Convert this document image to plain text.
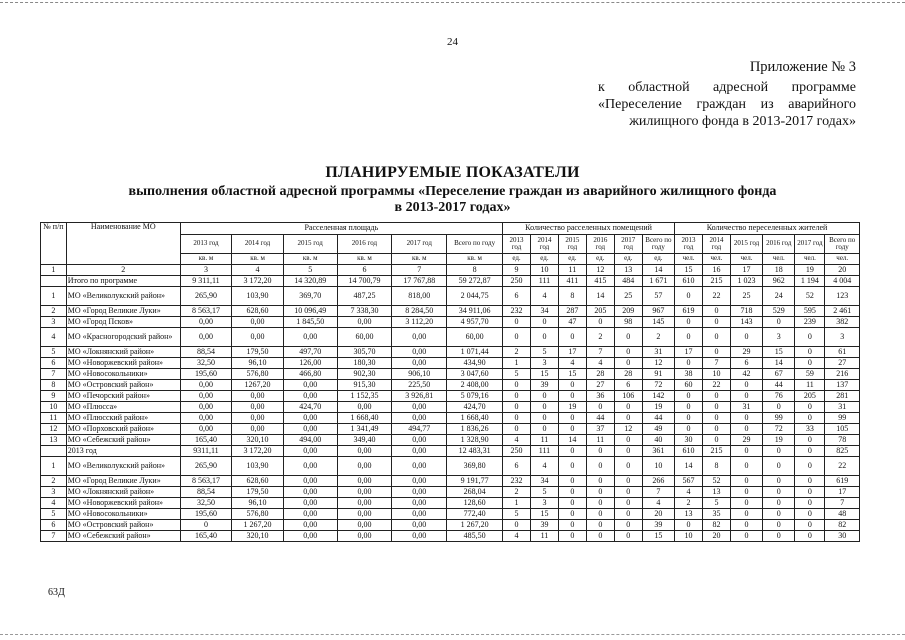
24
Приложение № 3
к областной адресной программе
«Переселение граждан из аварийного
жилищного фонда в 2013-2017 годах»
ПЛАНИРУЕМЫЕ ПОКАЗАТЕЛИ
выполнения областной адресной программы «Переселение граждан из аварийного жилищного фонда
в 2013-2017 годах»
№ п/п	Наименование МО	Расселенная площадь						Количество расселенных помещений						Количество переселенных жителей					
		2013 год	2014 год	2015 год	2016 год	2017 год	Всего по году	2013 год	2014 год	2015 год	2016 год	2017 год	Всего по году	2013 год	2014 год	2015 год	2016 год	2017 год	Всего по году
		кв. м	кв. м	кв. м	кв. м	кв. м	кв. м	ед.	ед.	ед.	ед.	ед.	ед.	чел.	чел.	чел.	чел.	чел.	чел.
1	2	3	4	5	6	7	8	9	10	11	12	13	14	15	16	17	18	19	20
	Итого по программе	9 311,11	3 172,20	14 320,89	14 700,79	17 767,88	59 272,87	250	111	411	415	484	1 671	610	215	1 023	962	1 194	4 004
1	МО «Великолукский район»	265,90	103,90	369,70	487,25	818,00	2 044,75	6	4	8	14	25	57	0	22	25	24	52	123
2	МО «Город Великие Луки»	8 563,17	628,60	10 096,49	7 338,30	8 284,50	34 911,06	232	34	287	205	209	967	619	0	718	529	595	2 461
3	МО «Город Псков»	0,00	0,00	1 845,50	0,00	3 112,20	4 957,70	0	0	47	0	98	145	0	0	143	0	239	382
4	МО «Красногородский район»	0,00	0,00	0,00	60,00	0,00	60,00	0	0	0	2	0	2	0	0	0	3	0	3
5	МО «Локнянский район»	88,54	179,50	497,70	305,70	0,00	1 071,44	2	5	17	7	0	31	17	0	29	15	0	61
6	МО «Новоржевский район»	32,50	96,10	126,00	180,30	0,00	434,90	1	3	4	4	0	12	0	7	6	14	0	27
7	МО «Новосокольники»	195,60	576,80	466,80	902,30	906,10	3 047,60	5	15	15	28	28	91	38	10	42	67	59	216
8	МО «Островский район»	0,00	1267,20	0,00	915,30	225,50	2 408,00	0	39	0	27	6	72	60	22	0	44	11	137
9	МО «Печорский район»	0,00	0,00	0,00	1 152,35	3 926,81	5 079,16	0	0	0	36	106	142	0	0	0	76	205	281
10	МО «Плюсса»	0,00	0,00	424,70	0,00	0,00	424,70	0	0	19	0	0	19	0	0	31	0	0	31
11	МО «Плюсский район»	0,00	0,00	0,00	1 668,40	0,00	1 668,40	0	0	0	44	0	44	0	0	0	99	0	99
12	МО «Порховский район»	0,00	0,00	0,00	1 341,49	494,77	1 836,26	0	0	0	37	12	49	0	0	0	72	33	105
13	МО «Себежский район»	165,40	320,10	494,00	349,40	0,00	1 328,90	4	11	14	11	0	40	30	0	29	19	0	78
	2013 год	9311,11	3 172,20	0,00	0,00	0,00	12 483,31	250	111	0	0	0	361	610	215	0	0	0	825
1	МО «Великолукский район»	265,90	103,90	0,00	0,00	0,00	369,80	6	4	0	0	0	10	14	8	0	0	0	22
2	МО «Город Великие Луки»	8 563,17	628,60	0,00	0,00	0,00	9 191,77	232	34	0	0	0	266	567	52	0	0	0	619
3	МО «Локнянский район»	88,54	179,50	0,00	0,00	0,00	268,04	2	5	0	0	0	7	4	13	0	0	0	17
4	МО «Новоржевский район»	32,50	96,10	0,00	0,00	0,00	128,60	1	3	0	0	0	4	2	5	0	0	0	7
5	МО «Новосокольники»	195,60	576,80	0,00	0,00	0,00	772,40	5	15	0	0	0	20	13	35	0	0	0	48
6	МО «Островский район»	0	1 267,20	0,00	0,00	0,00	1 267,20	0	39	0	0	0	39	0	82	0	0	0	82
7	МО «Себежский район»	165,40	320,10	0,00	0,00	0,00	485,50	4	11	0	0	0	15	10	20	0	0	0	30
63Д
